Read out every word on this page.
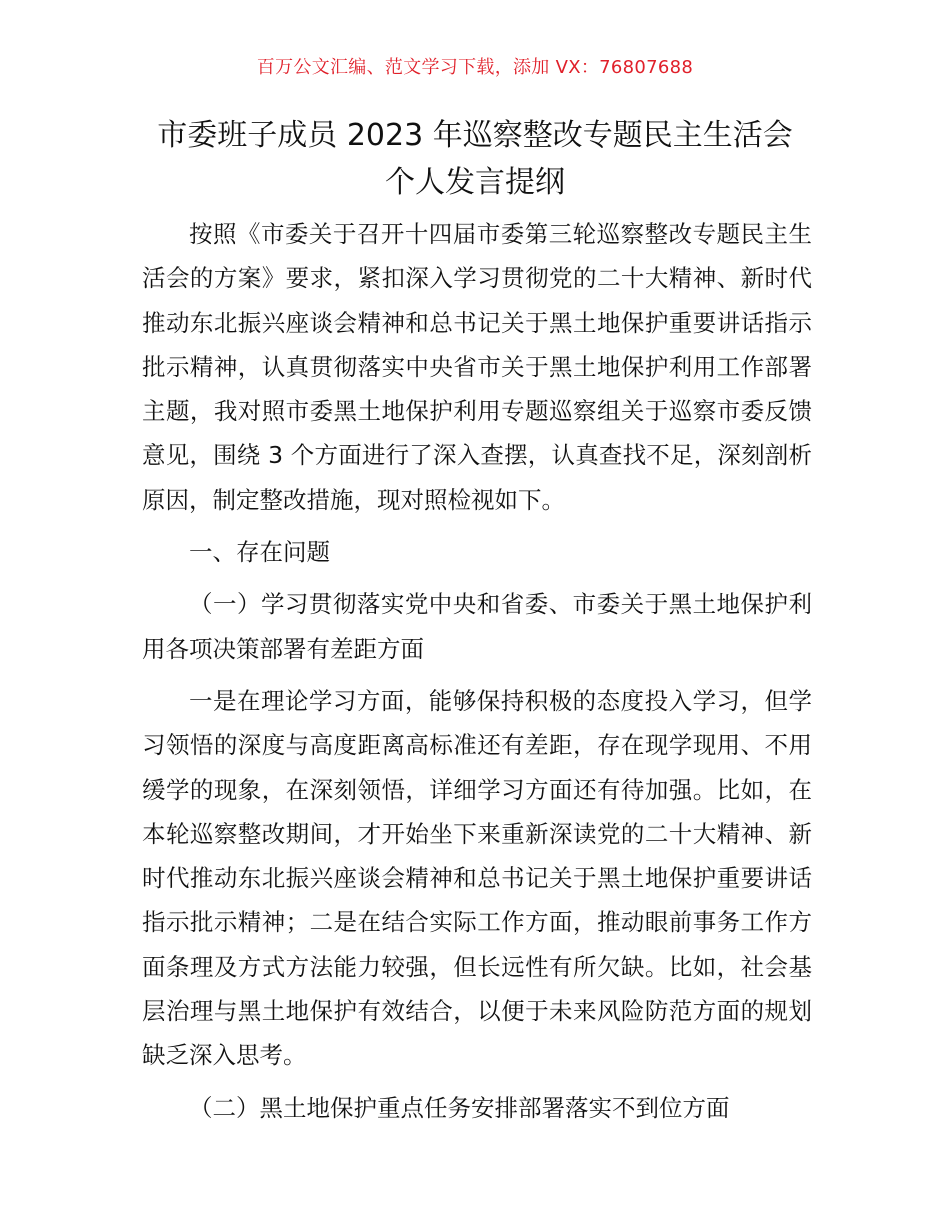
百万公文汇编、范文学习下载，添加 VX：76807688
市委班子成员 2023 年巡察整改专题民主生活会
个人发言提纲

按照《市委关于召开十四届市委第三轮巡察整改专题民主生活会的方案》要求，紧扣深入学习贯彻党的二十大精神、新时代推动东北振兴座谈会精神和总书记关于黑土地保护重要讲话指示批示精神，认真贯彻落实中央省市关于黑土地保护利用工作部署主题，我对照市委黑土地保护利用专题巡察组关于巡察市委反馈意见，围绕 3 个方面进行了深入查摆，认真查找不足，深刻剖析原因，制定整改措施，现对照检视如下。

一、存在问题

（一）学习贯彻落实党中央和省委、市委关于黑土地保护利用各项决策部署有差距方面

一是在理论学习方面，能够保持积极的态度投入学习，但学习领悟的深度与高度距离高标准还有差距，存在现学现用、不用缓学的现象，在深刻领悟，详细学习方面还有待加强。比如，在本轮巡察整改期间，才开始坐下来重新深读党的二十大精神、新时代推动东北振兴座谈会精神和总书记关于黑土地保护重要讲话指示批示精神；二是在结合实际工作方面，推动眼前事务工作方面条理及方式方法能力较强，但长远性有所欠缺。比如，社会基层治理与黑土地保护有效结合，以便于未来风险防范方面的规划缺乏深入思考。

（二）黑土地保护重点任务安排部署落实不到位方面
